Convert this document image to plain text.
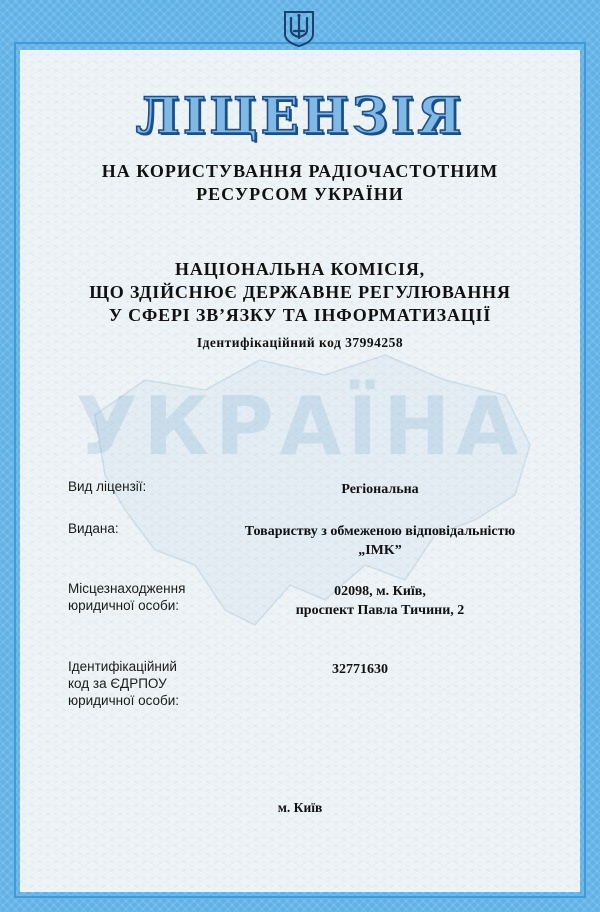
ЛІЦЕНЗІЯ
НА КОРИСТУВАННЯ РАДІОЧАСТОТНИМ
РЕСУРСОМ УКРАЇНИ
НАЦІОНАЛЬНА КОМІСІЯ,
ЩО ЗДІЙСНЮЄ ДЕРЖАВНЕ РЕГУЛЮВАННЯ
У СФЕРІ ЗВ’ЯЗКУ ТА ІНФОРМАТИЗАЦІЇ
Ідентифікаційний код 37994258
УКРАЇНА
Вид ліцензії:	Регіональна
Видана:	Товариству з обмеженою відповідальністю
„IMK”
Місцезнаходження
юридичної особи:
02098, м. Київ,
проспект Павла Тичини, 2
Ідентифікаційний
код за ЄДРПОУ
юридичної особи:
32771630
м. Київ
